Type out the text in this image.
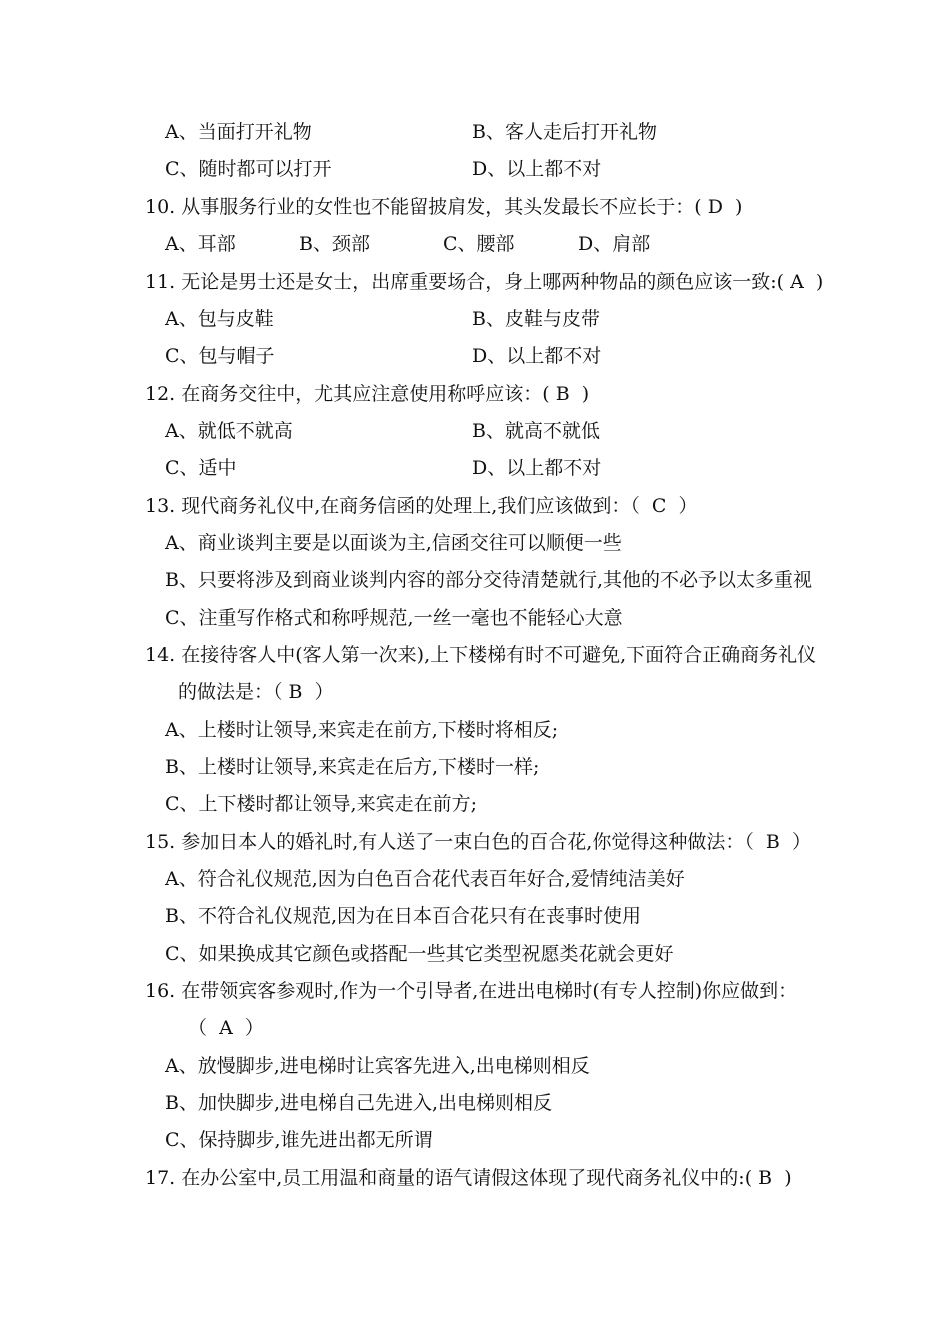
A、当面打开礼物	B、客人走后打开礼物
C、随时都可以打开	D、以上都不对
10. 从事服务行业的女性也不能留披肩发，其头发最长不应长于：( D  )
A、耳部	B、颈部	C、腰部	D、肩部
11. 无论是男士还是女士，出席重要场合，身上哪两种物品的颜色应该一致:( A  )
A、包与皮鞋	B、皮鞋与皮带
C、包与帽子	D、以上都不对
12. 在商务交往中，尤其应注意使用称呼应该：( B  )
A、就低不就高	B、就高不就低
C、适中	D、以上都不对
13. 现代商务礼仪中,在商务信函的处理上,我们应该做到：（  C  ）
A、商业谈判主要是以面谈为主,信函交往可以顺便一些
B、只要将涉及到商业谈判内容的部分交待清楚就行,其他的不必予以太多重视
C、注重写作格式和称呼规范,一丝一毫也不能轻心大意
14. 在接待客人中(客人第一次来),上下楼梯有时不可避免,下面符合正确商务礼仪
的做法是：（ B  ）
A、上楼时让领导,来宾走在前方,下楼时将相反;
B、上楼时让领导,来宾走在后方,下楼时一样;
C、上下楼时都让领导,来宾走在前方;
15. 参加日本人的婚礼时,有人送了一束白色的百合花,你觉得这种做法：（  B  ）
A、符合礼仪规范,因为白色百合花代表百年好合,爱情纯洁美好
B、不符合礼仪规范,因为在日本百合花只有在丧事时使用
C、如果换成其它颜色或搭配一些其它类型祝愿类花就会更好
16. 在带领宾客参观时,作为一个引导者,在进出电梯时(有专人控制)你应做到：
（  A  ）
A、放慢脚步,进电梯时让宾客先进入,出电梯则相反
B、加快脚步,进电梯自己先进入,出电梯则相反
C、保持脚步,谁先进出都无所谓
17. 在办公室中,员工用温和商量的语气请假这体现了现代商务礼仪中的:( B  )
